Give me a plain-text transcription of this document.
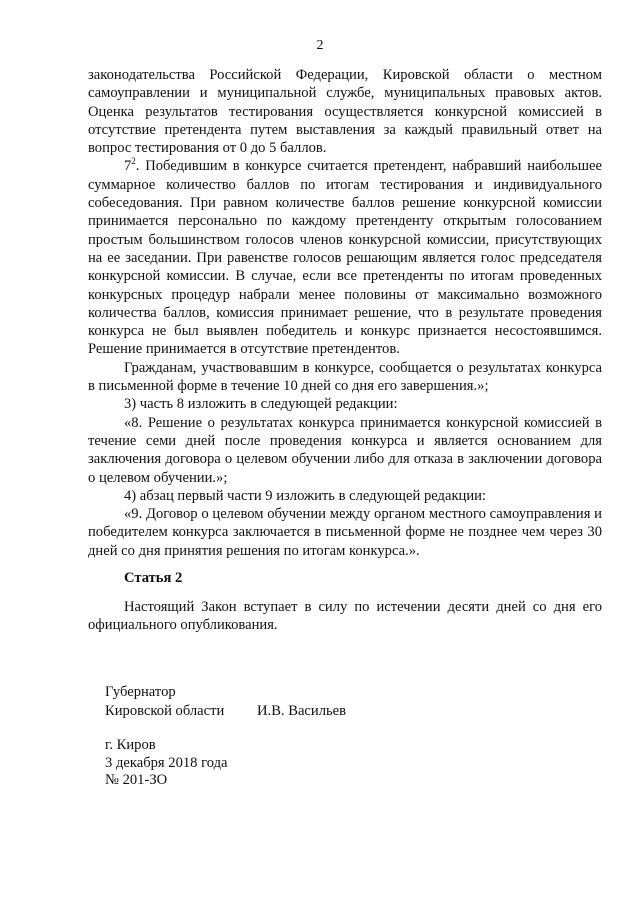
2

законодательства Российской Федерации, Кировской области о местном самоуправлении и муниципальной службе, муниципальных правовых актов. Оценка результатов тестирования осуществляется конкурсной комиссией в отсутствие претендента путем выставления за каждый правильный ответ на вопрос тестирования от 0 до 5 баллов.

$7^2$. Победившим в конкурсе считается претендент, набравший наибольшее суммарное количество баллов по итогам тестирования и индивидуального собеседования. При равном количестве баллов решение конкурсной комиссии принимается персонально по каждому претенденту открытым голосованием простым большинством голосов членов конкурсной комиссии, присутствующих на ее заседании. При равенстве голосов решающим является голос председателя конкурсной комиссии. В случае, если все претенденты по итогам проведенных конкурсных процедур набрали менее половины от максимально возможного количества баллов, комиссия принимает решение, что в результате проведения конкурса не был выявлен победитель и конкурс признается несостоявшимся. Решение принимается в отсутствие претендентов.

Гражданам, участвовавшим в конкурсе, сообщается о результатах конкурса в письменной форме в течение 10 дней со дня его завершения.»;

3) часть 8 изложить в следующей редакции:

«8. Решение о результатах конкурса принимается конкурсной комиссией в течение семи дней после проведения конкурса и является основанием для заключения договора о целевом обучении либо для отказа в заключении договора о целевом обучении.»;

4) абзац первый части 9 изложить в следующей редакции:

«9. Договор о целевом обучении между органом местного самоуправления и победителем конкурса заключается в письменной форме не позднее чем через 30 дней со дня принятия решения по итогам конкурса.».

Статья 2
Настоящий Закон вступает в силу по истечении десяти дней со дня его официального опубликования.
Губернатор
Кировской области	И.В. Васильев
г. Киров
3 декабря 2018 года
№ 201-ЗО
